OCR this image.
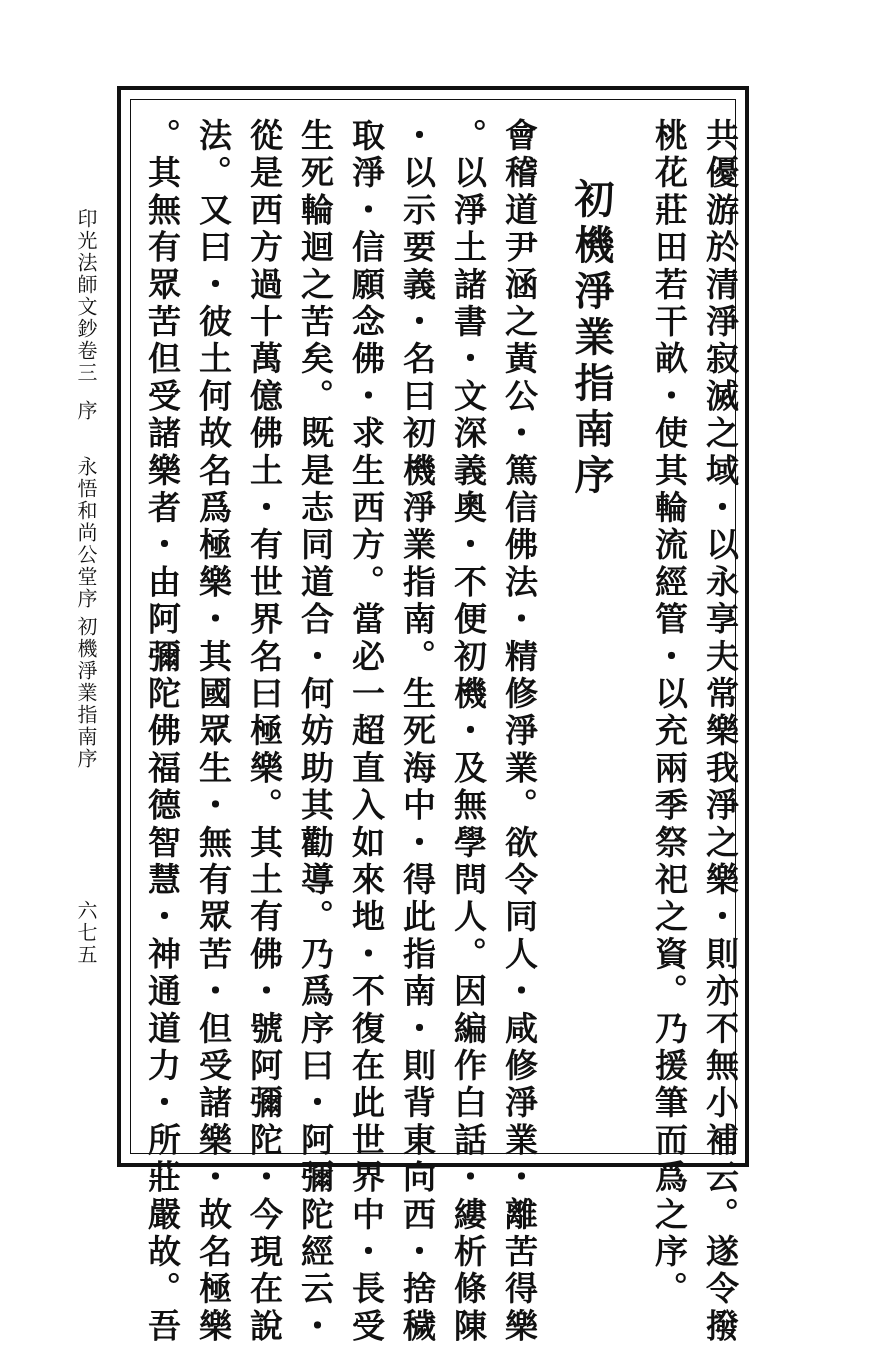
印光法師文鈔卷三
序
永悟和尚公堂序
初機淨業指南序
六七五	共優游於清淨寂滅之域・以永享夫常樂我淨之樂・則亦不無小補云。遂令撥
桃花莊田若干畝・使其輪流經管・以充兩季祭祀之資。乃援筆而爲之序。
初機淨業指南序
會稽道尹涵之黃公・篤信佛法・精修淨業。欲令同人・咸修淨業・離苦得樂
。以淨土諸書・文深義奧・不便初機・及無學問人。因編作白話・縷析條陳
・以示要義・名曰初機淨業指南。生死海中・得此指南・則背東向西・捨穢
取淨・信願念佛・求生西方。當必一超直入如來地・不復在此世界中・長受
生死輪迴之苦矣。既是志同道合・何妨助其勸導。乃爲序曰・阿彌陀經云・
從是西方過十萬億佛土・有世界名曰極樂。其土有佛・號阿彌陀・今現在說
法。又曰・彼土何故名爲極樂・其國眾生・無有眾苦・但受諸樂・故名極樂
。其無有眾苦但受諸樂者・由阿彌陀佛福德智慧・神通道力・所莊嚴故。吾
